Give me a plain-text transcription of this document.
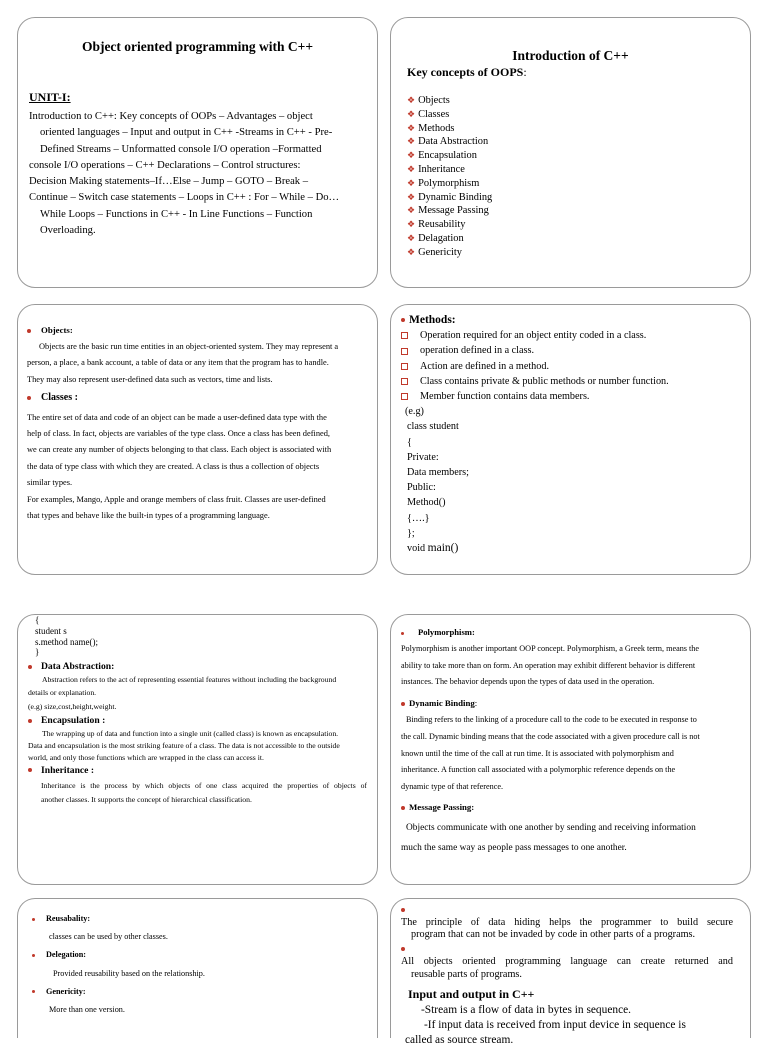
Object oriented programming with C++
UNIT-I:
Introduction to C++: Key concepts of OOPs – Advantages – object
oriented languages – Input and output in C++ -Streams in C++ - Pre-
Defined Streams – Unformatted console I/O operation –Formatted
console I/O operations – C++ Declarations – Control structures:
Decision Making statements–If…Else – Jump – GOTO – Break –
Continue – Switch case statements – Loops in C++ : For – While – Do…
While Loops – Functions in C++ - In Line Functions – Function
Overloading.
Introduction of C++
Key concepts of OOPS:
❖ Objects
❖ Classes
❖ Methods
❖ Data Abstraction
❖ Encapsulation
❖ Inheritance
❖ Polymorphism
❖ Dynamic Binding
❖ Message Passing
❖ Reusability
❖ Delagation
❖ Genericity
Objects:
Objects are the basic run time entities in an object-oriented system. They may represent a
person, a place, a bank account, a table of data or any item that the program has to handle.
They may also represent user-defined data such as vectors, time and lists.
Classes :
The entire set of data and code of an object can be made a user-defined data type with the
help of class. In fact, objects are variables of the type class. Once a class has been defined,
we can create any number of objects belonging to that class. Each object is associated with
the data of type class with which they are created. A class is thus a collection of objects
similar types.
For examples, Mango, Apple and orange members of class fruit. Classes are user-defined
that types and behave like the built-in types of a programming language.
Methods:
Operation required for an object entity coded in a class.
operation defined in a class.
Action are defined in a method.
Class contains private & public methods or number function.
Member function contains data members.
(e.g)
class student
{
Private:
Data members;
Public:
Method()
{….}
};
void main()
{
student s
s.method name();
}
Data Abstraction:
Abstraction refers to the act of representing essential features without including the background
details or explanation.
(e.g) size,cost,height,weight.
Encapsulation :
The wrapping up of data and function into a single unit (called class) is known as encapsulation.
Data and encapsulation is the most striking feature of a class. The data is not accessible to the outside
world, and only those functions which are wrapped in the class can access it.
Inheritance :
Inheritance is the process by which objects of one class acquired the properties of objects of
another classes. It supports the concept of hierarchical classification.
Polymorphism:
Polymorphism is another important OOP concept. Polymorphism, a Greek term, means the
ability to take more than on form. An operation may exhibit different behavior is different
instances. The behavior depends upon the types of data used in the operation.
Dynamic Binding:
Binding refers to the linking of a procedure call to the code to be executed in response to
the call. Dynamic binding means that the code associated with a given procedure call is not
known until the time of the call at run time. It is associated with polymorphism and
inheritance. A function call associated with a polymorphic reference depends on the
dynamic type of that reference.
Message Passing:
Objects communicate with one another by sending and receiving information
much the same way as people pass messages to one another.
Reusabality:
classes can be used by other classes.
Delegation:
Provided reusability based on the relationship.
Genericity:
More than one version.
The principle of data hiding helps the programmer to build secure
program that can not be invaded by code in other parts of a programs.
All objects oriented programming language can create returned and
reusable parts of programs.
Input and output in C++
-Stream is a flow of data in bytes in sequence.
-If input data is received from input device in sequence is
called as source stream.
